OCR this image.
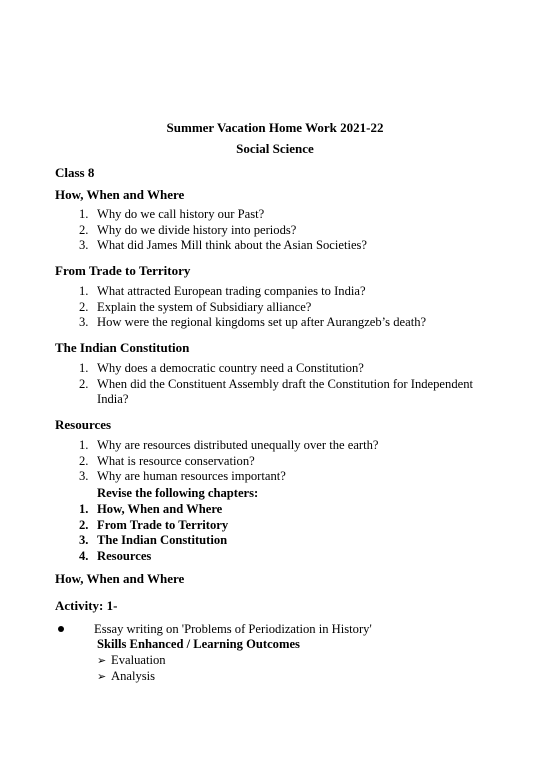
Summer Vacation Home Work 2021-22
Social Science
Class 8
How, When and Where
1. Why do we call history our Past?
2. Why do we divide history into periods?
3. What did James Mill think about the Asian Societies?
From Trade to Territory
1. What attracted European trading companies to India?
2. Explain the system of Subsidiary alliance?
3. How were the regional kingdoms set up after Aurangzeb’s death?
The Indian Constitution
1. Why does a democratic country need a Constitution?
2. When did the Constituent Assembly draft the Constitution for Independent India?
Resources
1. Why are resources distributed unequally over the earth?
2. What is resource conservation?
3. Why are human resources important?
Revise the following chapters:
1. How, When and Where
2. From Trade to Territory
3. The Indian Constitution
4. Resources
How, When and Where
Activity: 1-
Essay writing on 'Problems of Periodization in History'
Skills Enhanced / Learning Outcomes
➢ Evaluation
➢ Analysis
